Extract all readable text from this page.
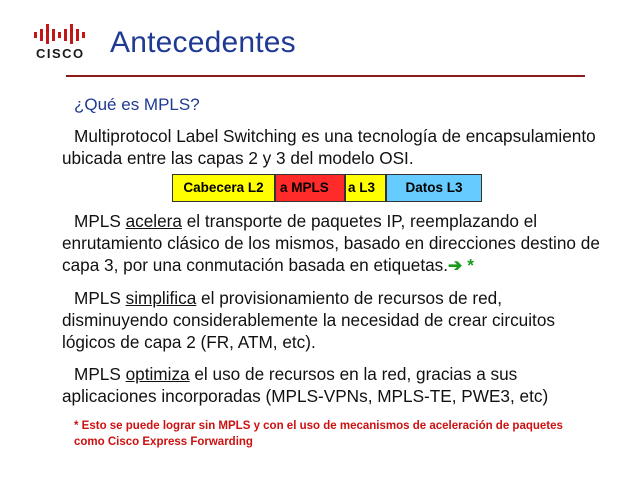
CISCO Antecedentes
¿Qué es MPLS?
Multiprotocol Label Switching es una tecnología de encapsulamiento ubicada entre las capas 2 y 3 del modelo OSI.
Cabecera L2	a MPLS	a L3	Datos L3
MPLS acelera el transporte de paquetes IP, reemplazando el enrutamiento clásico de los mismos, basado en direcciones destino de capa 3, por una conmutación basada en etiquetas.➔ *
MPLS simplifica el provisionamiento de recursos de red, disminuyendo considerablemente la necesidad de crear circuitos lógicos de capa 2 (FR, ATM, etc).
MPLS optimiza el uso de recursos en la red, gracias a sus aplicaciones incorporadas (MPLS-VPNs, MPLS-TE, PWE3, etc)
* Esto se puede lograr sin MPLS y con el uso de mecanismos de aceleración de paquetes como Cisco Express Forwarding
